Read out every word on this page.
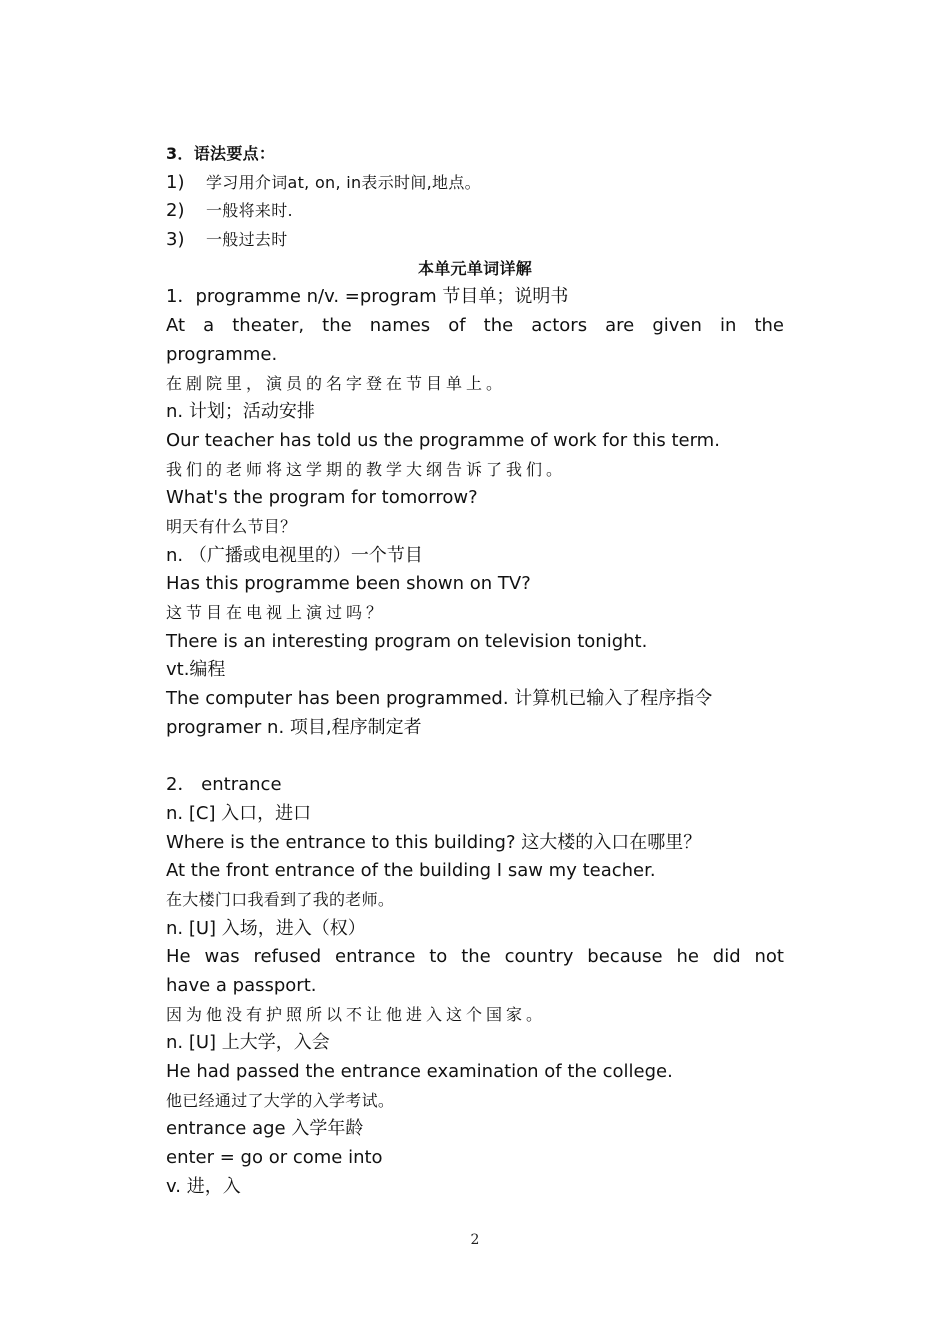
3．语法要点：
1) 学习用介词at, on, in表示时间,地点。
2) 一般将来时.
3) 一般过去时
本单元单词详解
1．programme n/v. =program 节目单；说明书
At a theater, the names of the actors are given in the
programme.
在剧院里，演员的名字登在节目单上。
n. 计划；活动安排
Our teacher has told us the programme of work for this term.
我们的老师将这学期的教学大纲告诉了我们。
What's the program for tomorrow?
明天有什么节目？
n. （广播或电视里的）一个节目
Has this programme been shown on TV?
这节目在电视上演过吗？
There is an interesting program on television tonight.
vt.编程
The computer has been programmed. 计算机已输入了程序指令
programer n. 项目,程序制定者
2． entrance
n. [C] 入口，进口
Where is the entrance to this building? 这大楼的入口在哪里？
At the front entrance of the building I saw my teacher.
在大楼门口我看到了我的老师。
n. [U] 入场，进入（权）
He was refused entrance to the country because he did not
have a passport.
因为他没有护照所以不让他进入这个国家。
n. [U] 上大学，入会
He had passed the entrance examination of the college.
他已经通过了大学的入学考试。
entrance age 入学年龄
enter = go or come into
v. 进，入
2
